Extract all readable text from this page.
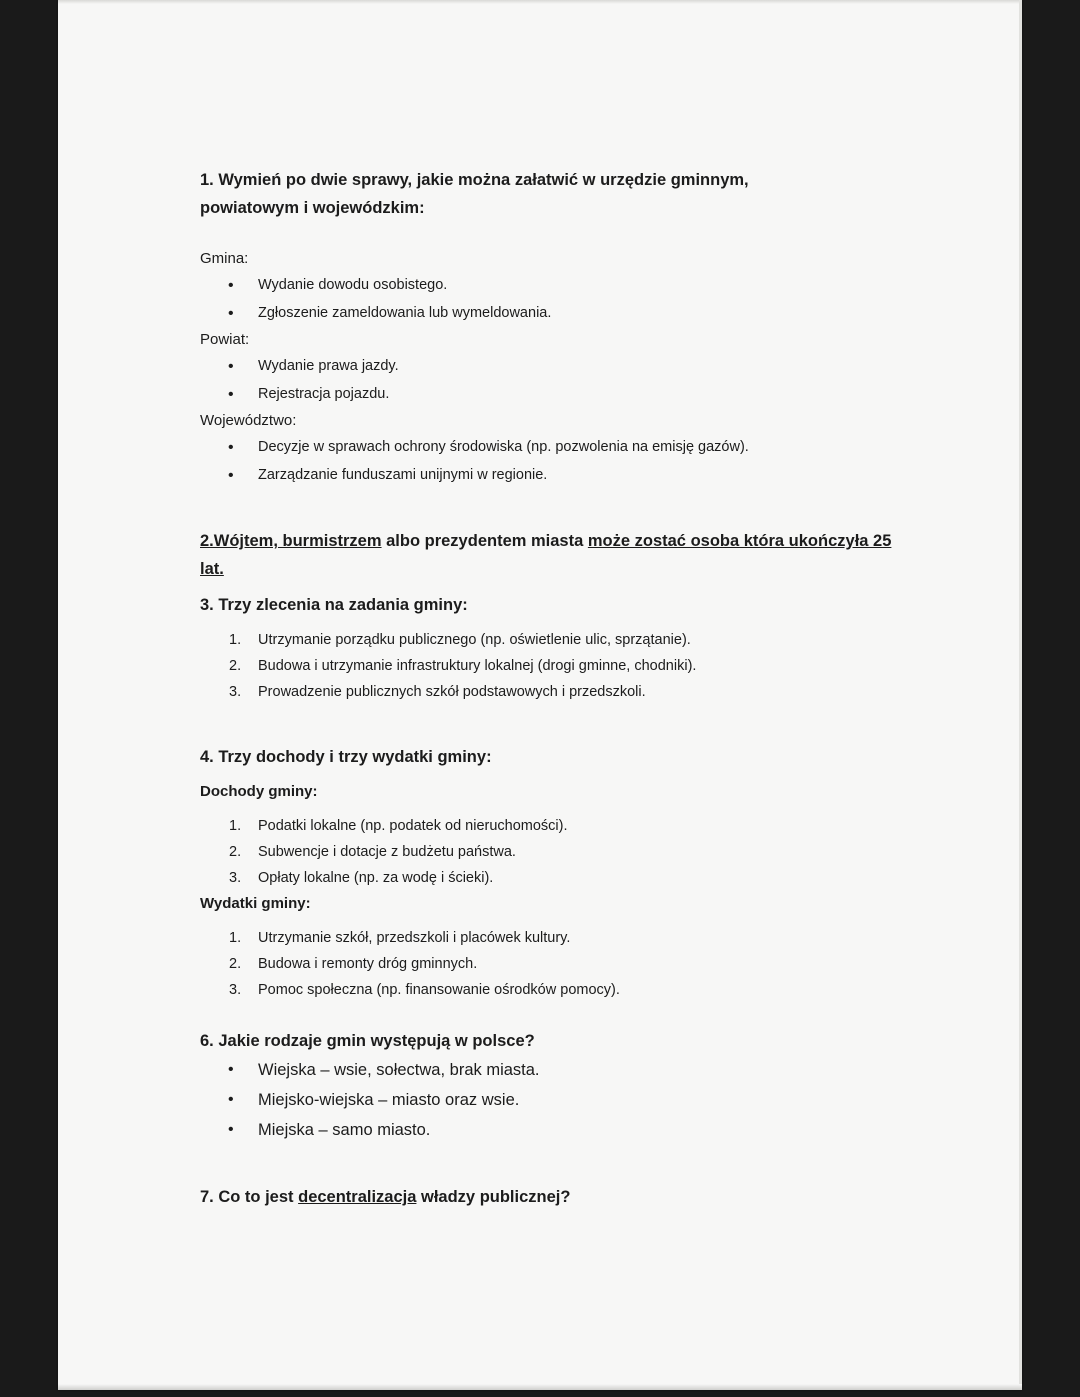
1. Wymień po dwie sprawy, jakie można załatwić w urzędzie gminnym,

powiatowym i wojewódzkim:

Gmina:

• Wydanie dowodu osobistego.
• Zgłoszenie zameldowania lub wymeldowania.

Powiat:

• Wydanie prawa jazdy.
• Rejestracja pojazdu.

Województwo:

• Decyzje w sprawach ochrony środowiska (np. pozwolenia na emisję gazów).
• Zarządzanie funduszami unijnymi w regionie.

2.Wójtem, burmistrzem albo prezydentem miasta może zostać osoba która ukończyła 25

lat.

3. Trzy zlecenia na zadania gminy:

1. Utrzymanie porządku publicznego (np. oświetlenie ulic, sprzątanie).
2. Budowa i utrzymanie infrastruktury lokalnej (drogi gminne, chodniki).
3. Prowadzenie publicznych szkół podstawowych i przedszkoli.

4. Trzy dochody i trzy wydatki gminy:

Dochody gminy:

1. Podatki lokalne (np. podatek od nieruchomości).
2. Subwencje i dotacje z budżetu państwa.
3. Opłaty lokalne (np. za wodę i ścieki).

Wydatki gminy:

1. Utrzymanie szkół, przedszkoli i placówek kultury.
2. Budowa i remonty dróg gminnych.
3. Pomoc społeczna (np. finansowanie ośrodków pomocy).

6. Jakie rodzaje gmin występują w polsce?

• Wiejska – wsie, sołectwa, brak miasta.
• Miejsko-wiejska – miasto oraz wsie.
• Miejska – samo miasto.

7. Co to jest decentralizacja władzy publicznej?
